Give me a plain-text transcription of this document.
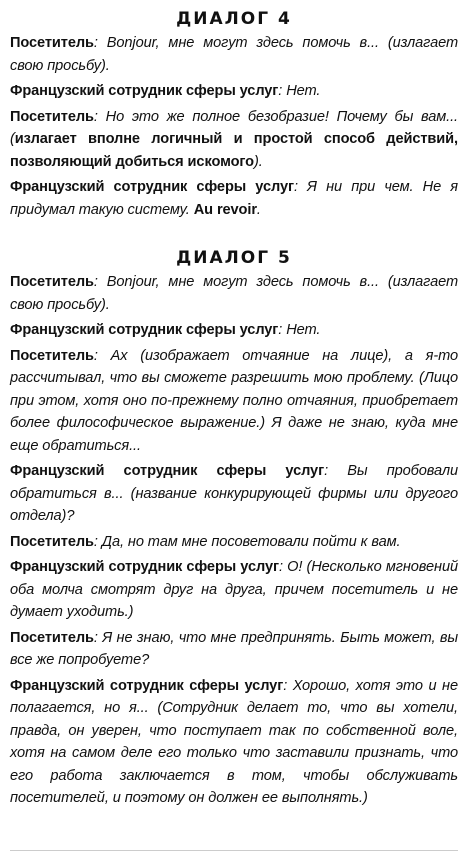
ДИАЛОГ 4

Посетитель: Bonjour, мне могут здесь помочь в... (излагает свою просьбу).

Французский сотрудник сферы услуг: Нет.

Посетитель: Но это же полное безобразие! Почему бы вам... (излагает вполне логичный и простой способ действий, позволяющий добиться искомого).

Французский сотрудник сферы услуг: Я ни при чем. Не я придумал такую систему. Au revoir.

ДИАЛОГ 5

Посетитель: Bonjour, мне могут здесь помочь в... (излагает свою просьбу).

Французский сотрудник сферы услуг: Нет.

Посетитель: Ах (изображает отчаяние на лице), а я-то рассчитывал, что вы сможете разрешить мою проблему. (Лицо при этом, хотя оно по-прежнему полно отчаяния, приобретает более философическое выражение.) Я даже не знаю, куда мне еще обратиться...

Французский сотрудник сферы услуг: Вы пробовали обратиться в... (название конкурирующей фирмы или другого отдела)?

Посетитель: Да, но там мне посоветовали пойти к вам.

Французский сотрудник сферы услуг: О! (Несколько мгновений оба молча смотрят друг на друга, причем посетитель и не думает уходить.)

Посетитель: Я не знаю, что мне предпринять. Быть может, вы все же попробуете?

Французский сотрудник сферы услуг: Хорошо, хотя это и не полагается, но я... (Сотрудник делает то, что вы хотели, правда, он уверен, что поступает так по собственной воле, хотя на самом деле его только что заставили признать, что его работа заключается в том, чтобы обслуживать посетителей, и поэтому он должен ее выполнять.)
